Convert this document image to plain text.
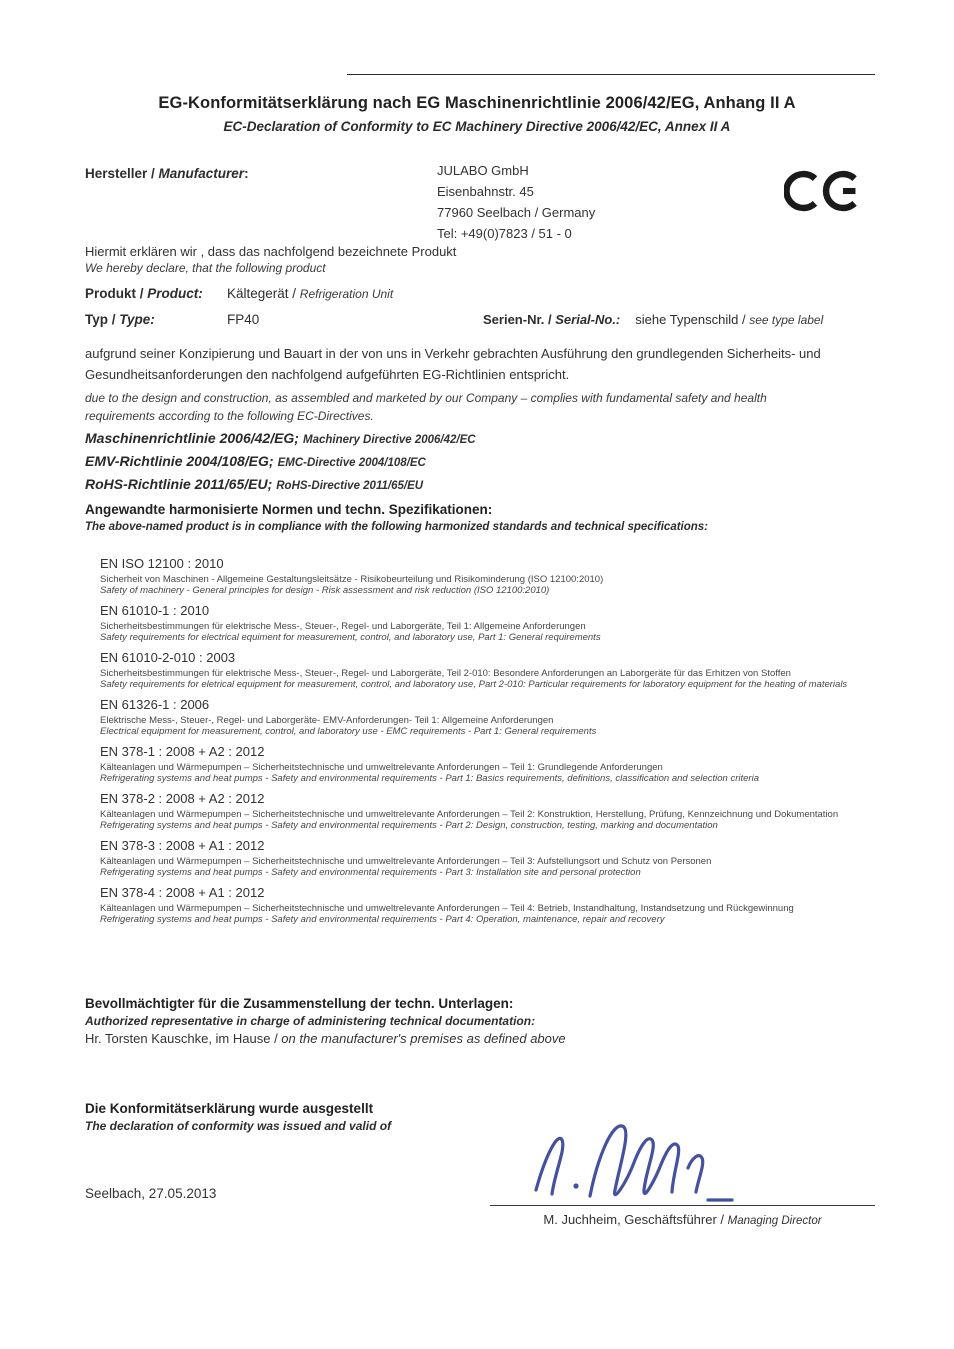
EG-Konformitätserklärung nach EG Maschinenrichtlinie 2006/42/EG, Anhang II A
EC-Declaration of Conformity to EC Machinery Directive 2006/42/EC, Annex II A
Hersteller / Manufacturer:	JULABO GmbH
Eisenbahnstr. 45
77960 Seelbach / Germany
Tel: +49(0)7823 / 51 - 0
Hiermit erklären wir , dass das nachfolgend bezeichnete Produkt
We hereby declare, that the following product
Produkt / Product: Kältegerät / Refrigeration Unit
Typ / Type:	FP40	Serien-Nr. / Serial-No.: siehe Typenschild / see type label
aufgrund seiner Konzipierung und Bauart in der von uns in Verkehr gebrachten Ausführung den grundlegenden Sicherheits- und Gesundheitsanforderungen den nachfolgend aufgeführten EG-Richtlinien entspricht.
due to the design and construction, as assembled and marketed by our Company – complies with fundamental safety and health requirements according to the following EC-Directives.
Maschinenrichtlinie 2006/42/EG; Machinery Directive 2006/42/EC
EMV-Richtlinie 2004/108/EG; EMC-Directive 2004/108/EC
RoHS-Richtlinie 2011/65/EU; RoHS-Directive 2011/65/EU
Angewandte harmonisierte Normen und techn. Spezifikationen:
The above-named product is in compliance with the following harmonized standards and technical specifications:
EN ISO 12100 : 2010
Sicherheit von Maschinen - Allgemeine Gestaltungsleitsätze - Risikobeurteilung und Risikominderung (ISO 12100:2010)
Safety of machinery - General principles for design - Risk assessment and risk reduction (ISO 12100:2010)
EN 61010-1 : 2010
Sicherheitsbestimmungen für elektrische Mess-, Steuer-, Regel- und Laborgeräte, Teil 1: Allgemeine Anforderungen
Safety requirements for electrical equiment for measurement, control, and laboratory use, Part 1: General requirements
EN 61010-2-010 : 2003
Sicherheitsbestimmungen für elektrische Mess-, Steuer-, Regel- und Laborgeräte, Teil 2-010: Besondere Anforderungen an Laborgeräte für das Erhitzen von Stoffen
Safety requirements for eletrical equipment for measurement, control, and laboratory use, Part 2-010: Particular requirements for laboratory equipment for the heating of materials
EN 61326-1 : 2006
Elektrische Mess-, Steuer-, Regel- und Laborgeräte- EMV-Anforderungen- Teil 1: Allgemeine Anforderungen
Electrical equipment for measurement, control, and laboratory use - EMC requirements - Part 1: General requirements
EN 378-1 : 2008 + A2 : 2012
Kälteanlagen und Wärmepumpen – Sicherheitstechnische und umweltrelevante Anforderungen – Teil 1: Grundlegende Anforderungen
Refrigerating systems and heat pumps - Safety and environmental requirements - Part 1: Basics requirements, definitions, classification and selection criteria
EN 378-2 : 2008 + A2 : 2012
Kälteanlagen und Wärmepumpen – Sicherheitstechnische und umweltrelevante Anforderungen – Teil 2: Konstruktion, Herstellung, Prüfung, Kennzeichnung und Dokumentation
Refrigerating systems and heat pumps - Safety and environmental requirements - Part 2: Design, construction, testing, marking and documentation
EN 378-3 : 2008 + A1 : 2012
Kälteanlagen und Wärmepumpen – Sicherheitstechnische und umweltrelevante Anforderungen – Teil 3: Aufstellungsort und Schutz von Personen
Refrigerating systems and heat pumps - Safety and environmental requirements - Part 3: Installation site and personal protection
EN 378-4 : 2008 + A1 : 2012
Kälteanlagen und Wärmepumpen – Sicherheitstechnische und umweltrelevante Anforderungen – Teil 4: Betrieb, Instandhaltung, Instandsetzung und Rückgewinnung
Refrigerating systems and heat pumps - Safety and environmental requirements - Part 4: Operation, maintenance, repair and recovery
Bevollmächtigter für die Zusammenstellung der techn. Unterlagen:
Authorized representative in charge of administering technical documentation:
Hr. Torsten Kauschke, im Hause / on the manufacturer's premises as defined above
Die Konformitätserklärung wurde ausgestellt
The declaration of conformity was issued and valid of
Seelbach, 27.05.2013
M. Juchheim, Geschäftsführer / Managing Director
